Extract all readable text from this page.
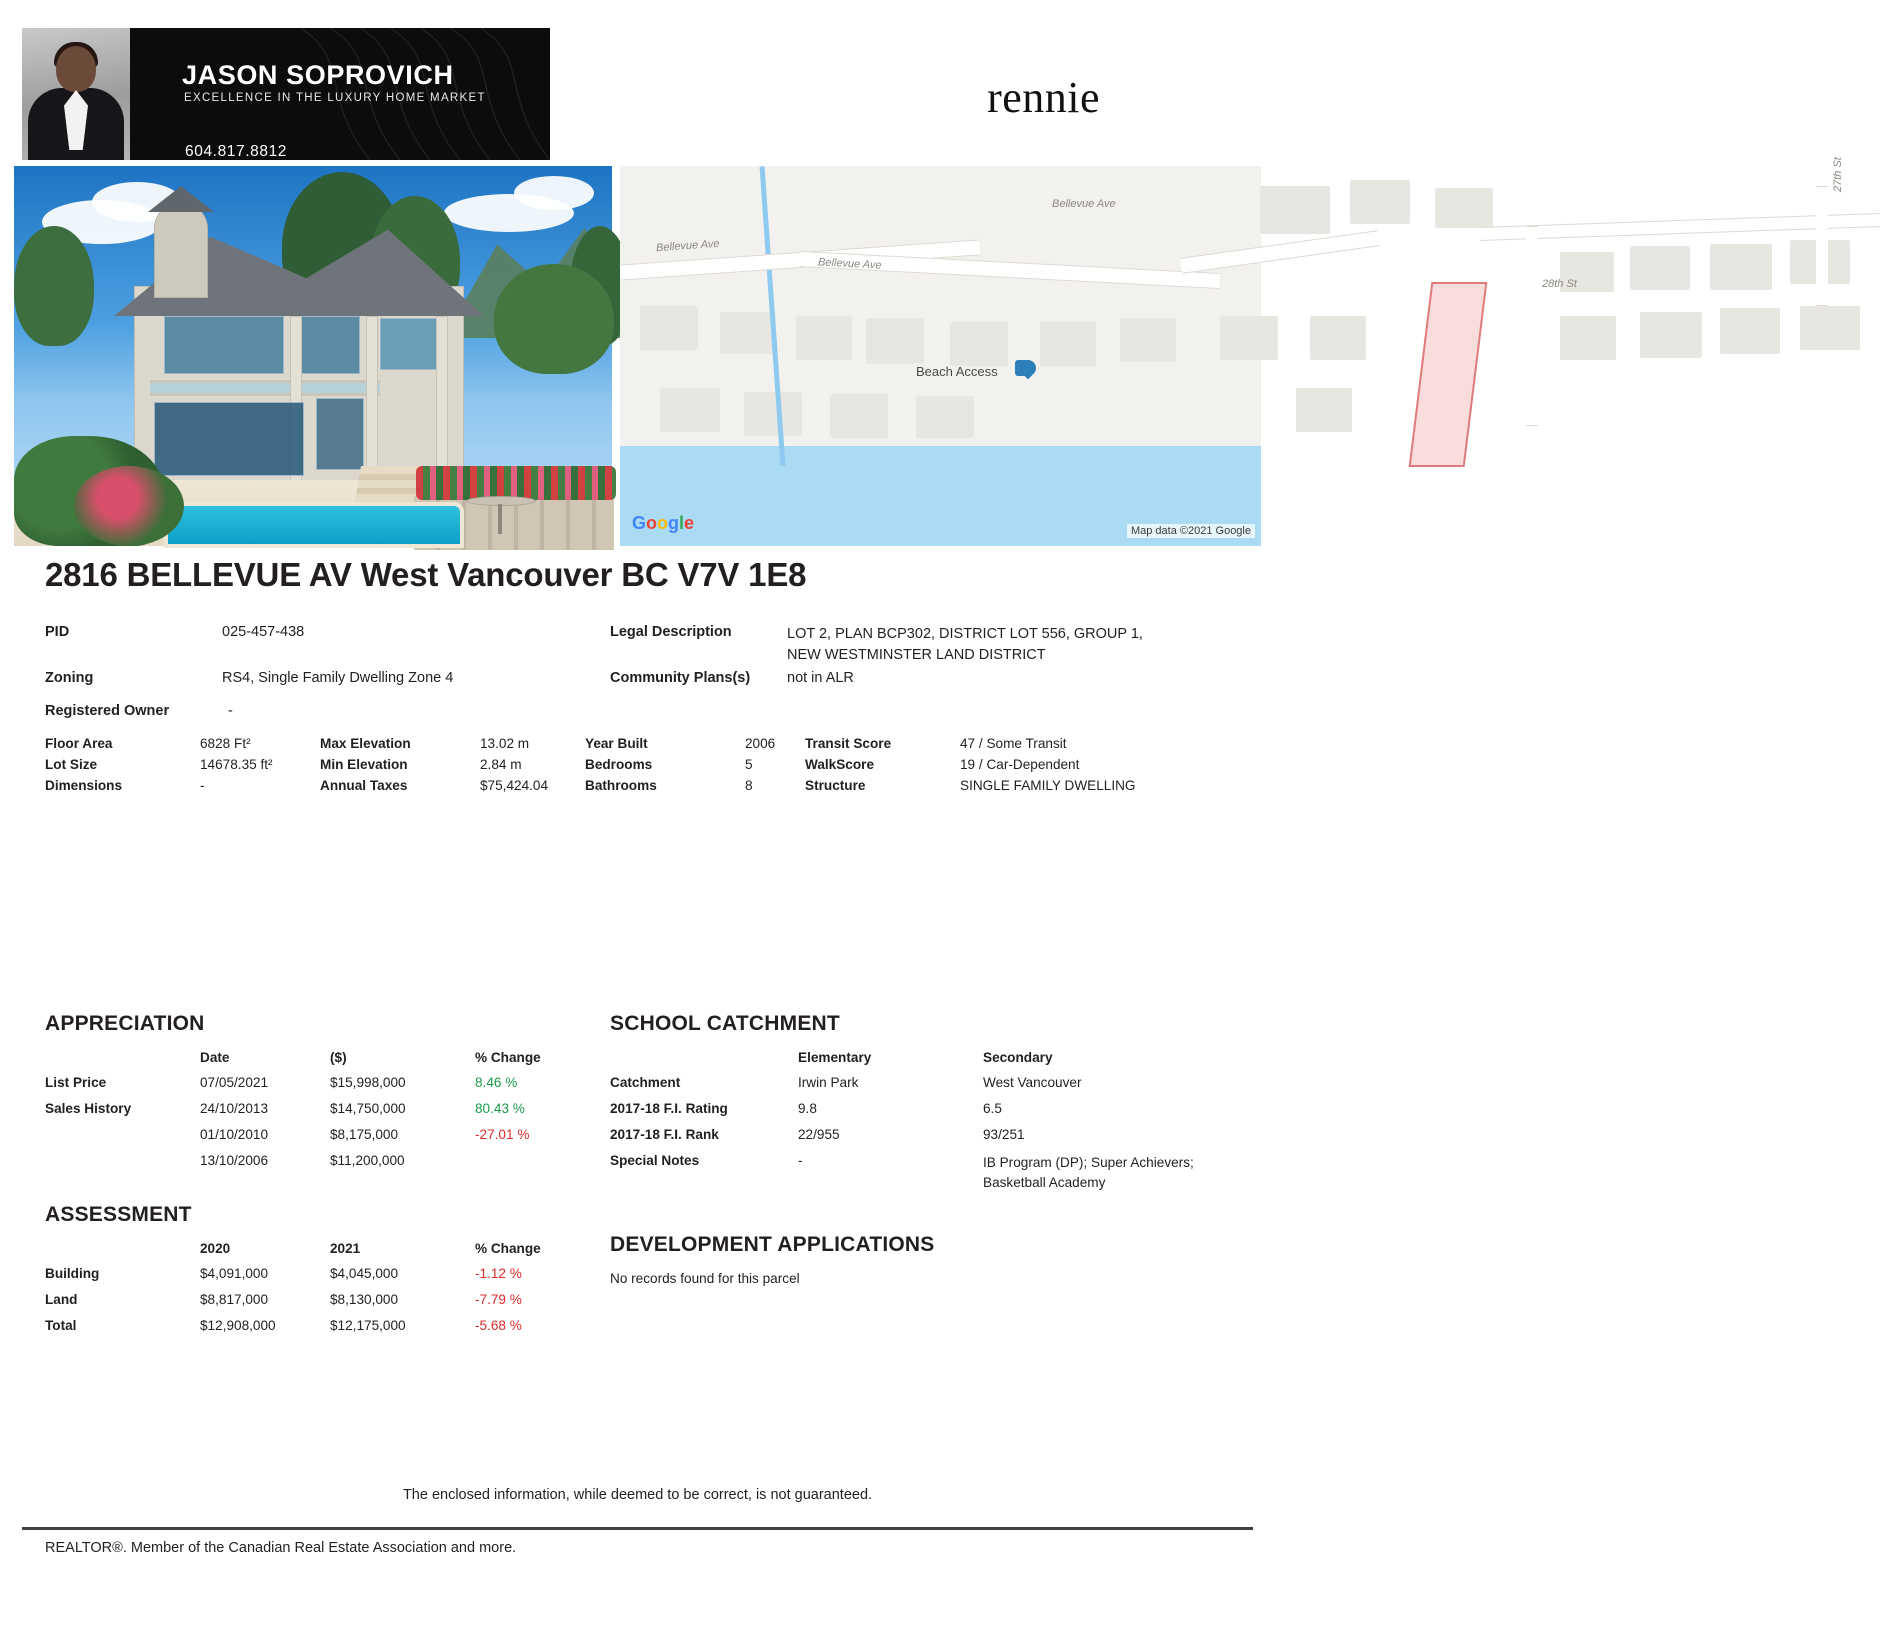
JASON SOPROVICH
EXCELLENCE IN THE LUXURY HOME MARKET
604.817.8812
rennie
Bellevue Ave
Bellevue Ave
Bellevue Ave
28th St
27th St
Beach Access
Google	Map data ©2021 Google
2816 BELLEVUE AV West Vancouver BC V7V 1E8
PID	025-457-438
Zoning	RS4, Single Family Dwelling Zone 4
Registered Owner	-
Legal Description	LOT 2, PLAN BCP302, DISTRICT LOT 556, GROUP 1, NEW WESTMINSTER LAND DISTRICT
Community Plans(s)	not in ALR
Floor Area	6828 Ft²	Max Elevation	13.02 m	Year Built	2006	Transit Score	47 / Some Transit
Lot Size	14678.35 ft²	Min Elevation	2.84 m	Bedrooms	5	WalkScore	19 / Car-Dependent
Dimensions	-	Annual Taxes	$75,424.04	Bathrooms	8	Structure	SINGLE FAMILY DWELLING
APPRECIATION
	Date	($)	% Change
List Price	07/05/2021	$15,998,000	8.46 %
Sales History	24/10/2013	$14,750,000	80.43 %
	01/10/2010	$8,175,000	-27.01 %
	13/10/2006	$11,200,000	
ASSESSMENT
	2020	2021	% Change
Building	$4,091,000	$4,045,000	-1.12 %
Land	$8,817,000	$8,130,000	-7.79 %
Total	$12,908,000	$12,175,000	-5.68 %
SCHOOL CATCHMENT
	Elementary	Secondary
Catchment	Irwin Park	West Vancouver
2017-18 F.I. Rating	9.8	6.5
2017-18 F.I. Rank	22/955	93/251
Special Notes	-	IB Program (DP); Super Achievers; Basketball Academy
DEVELOPMENT APPLICATIONS
No records found for this parcel
The enclosed information, while deemed to be correct, is not guaranteed.
REALTOR®. Member of the Canadian Real Estate Association and more.
